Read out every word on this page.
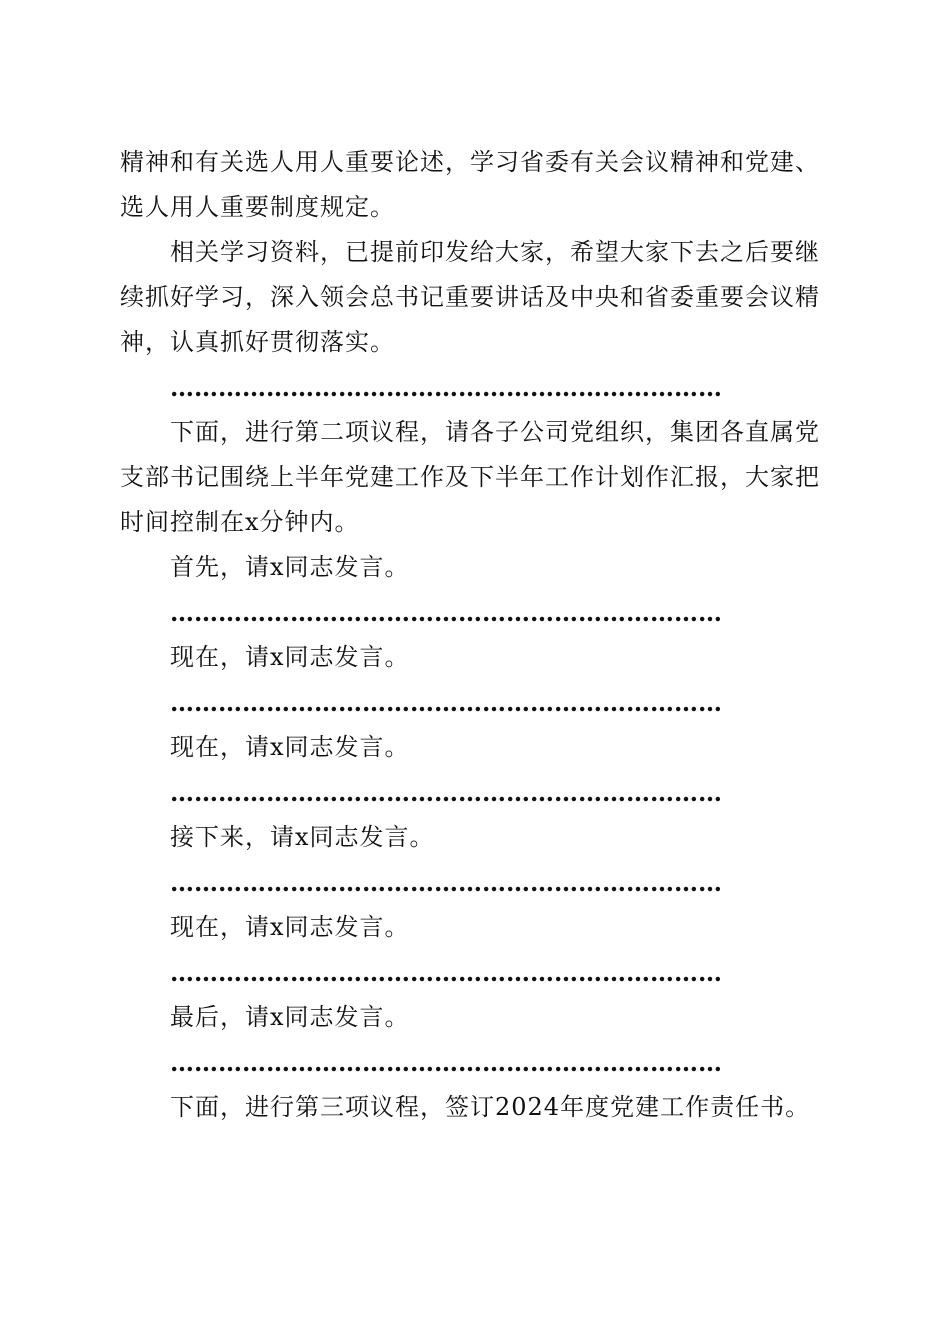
精神和有关选人用人重要论述，学习省委有关会议精神和党建、选人用人重要制度规定。

相关学习资料，已提前印发给大家，希望大家下去之后要继续抓好学习，深入领会总书记重要讲话及中央和省委重要会议精神，认真抓好贯彻落实。

……………………………………………………………

下面，进行第二项议程，请各子公司党组织，集团各直属党支部书记围绕上半年党建工作及下半年工作计划作汇报，大家把时间控制在x分钟内。

首先，请x同志发言。

……………………………………………………………

现在，请x同志发言。

……………………………………………………………

现在，请x同志发言。

……………………………………………………………

接下来，请x同志发言。

……………………………………………………………

现在，请x同志发言。

……………………………………………………………

最后，请x同志发言。

……………………………………………………………

下面，进行第三项议程，签订2024年度党建工作责任书。
